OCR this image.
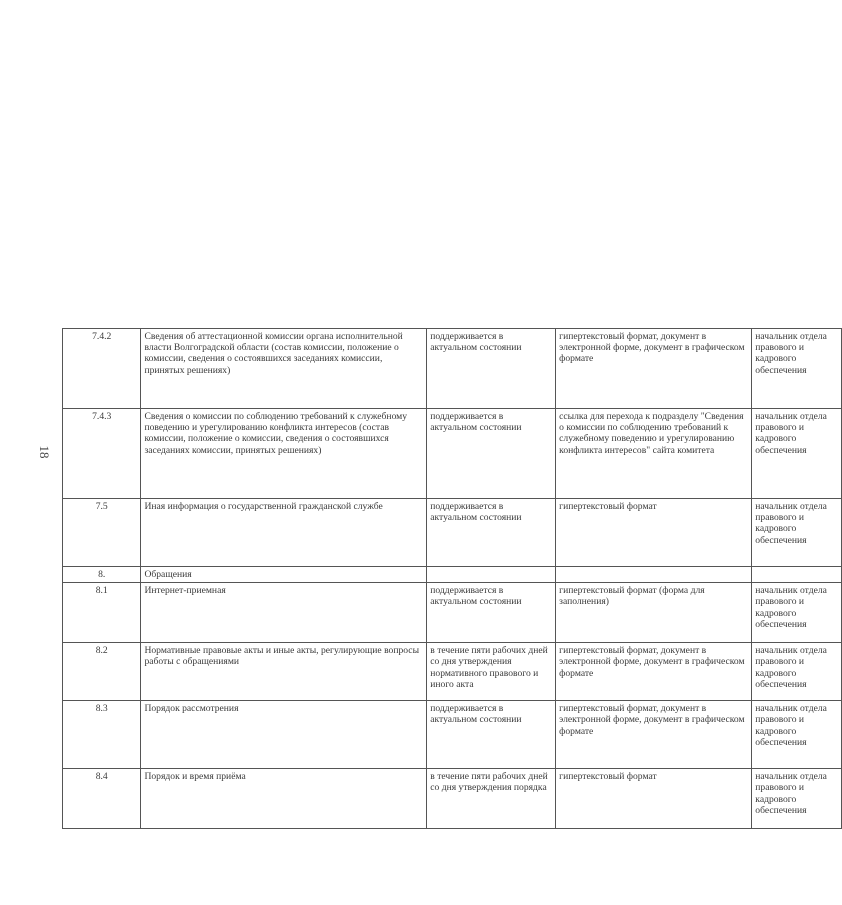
18
7.4.2	Сведения об аттестационной комиссии органа исполнительной власти Волгоградской области (состав комиссии, положение о комиссии, сведения о состоявшихся заседаниях комиссии, принятых решениях)	поддерживается в актуальном состоянии	гипертекстовый формат, документ в электронной форме, документ в графическом формате	начальник отдела правового и кадрового обеспечения
7.4.3	Сведения о комиссии по соблюдению требований к служебному поведению и урегулированию конфликта интересов (состав комиссии, положение о комиссии, сведения о состоявшихся заседаниях комиссии, принятых решениях)	поддерживается в актуальном состоянии	ссылка для перехода к подразделу "Сведения о комиссии по соблюдению требований к служебному поведению и урегулированию конфликта интересов" сайта комитета	начальник отдела правового и кадрового обеспечения
7.5	Иная информация о государственной гражданской службе	поддерживается в актуальном состоянии	гипертекстовый формат	начальник отдела правового и кадрового обеспечения
8.	Обращения			
8.1	Интернет-приемная	поддерживается в актуальном состоянии	гипертекстовый формат (форма для заполнения)	начальник отдела правового и кадрового обеспечения
8.2	Нормативные правовые акты и иные акты, регулирующие вопросы работы с обращениями	в течение пяти рабочих дней со дня утверждения нормативного правового и иного акта	гипертекстовый формат, документ в электронной форме, документ в графическом формате	начальник отдела правового и кадрового обеспечения
8.3	Порядок рассмотрения	поддерживается в актуальном состоянии	гипертекстовый формат, документ в электронной форме, документ в графическом формате	начальник отдела правового и кадрового обеспечения
8.4	Порядок и время приёма	в течение пяти рабочих дней со дня утверждения порядка	гипертекстовый формат	начальник отдела правового и кадрового обеспечения
